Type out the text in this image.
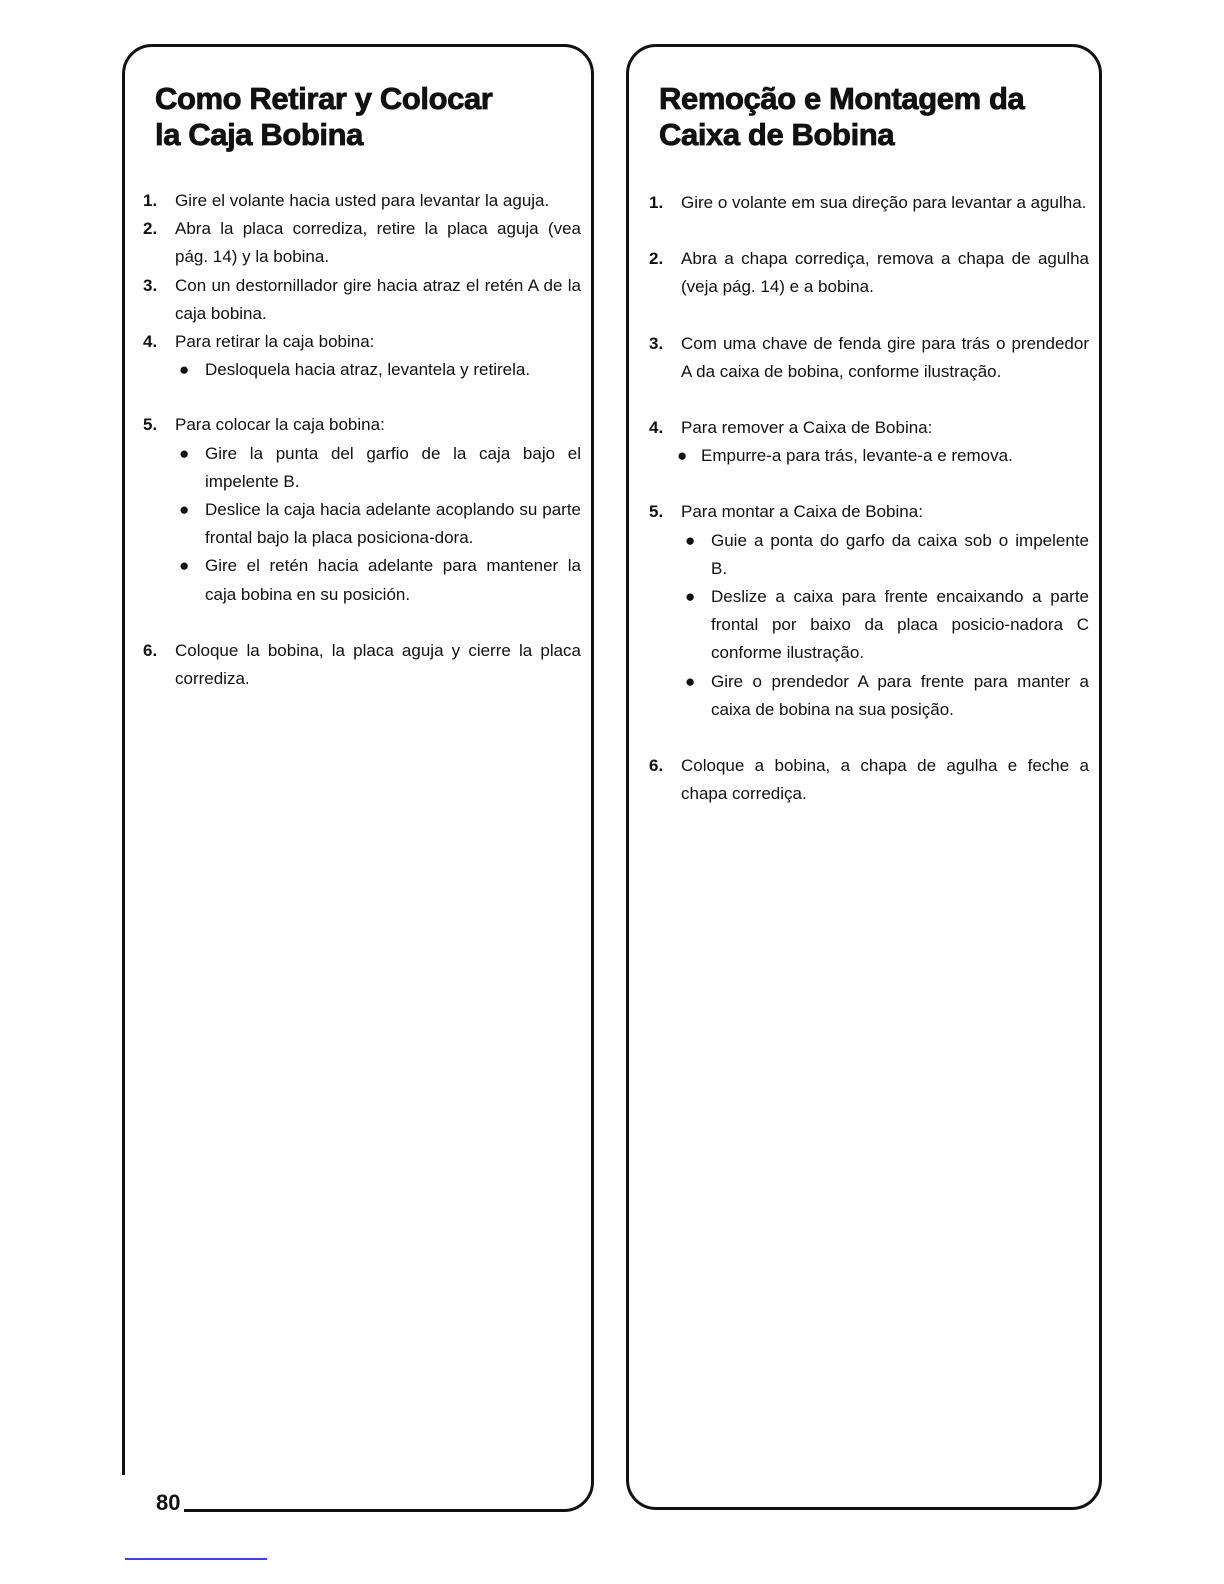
Como Retirar y Colocar
la Caja Bobina
1. Gire el volante hacia usted para levantar la aguja.
2. Abra la placa corrediza, retire la placa aguja (vea pág. 14) y la bobina.
3. Con un destornillador gire hacia atraz el retén A de la caja bobina.
4. Para retirar la caja bobina:
● Desloquela hacia atraz, levantela y retirela.
5. Para colocar la caja bobina:
● Gire la punta del garfio de la caja bajo el impelente B.
● Deslice la caja hacia adelante acoplando su parte frontal bajo la placa posiciona-dora.
● Gire el retén hacia adelante para mantener la caja bobina en su posición.
6. Coloque la bobina, la placa aguja y cierre la placa corrediza.
Remoção e Montagem da
Caixa de Bobina
1. Gire o volante em sua direção para levantar a agulha.
2. Abra a chapa corrediça, remova a chapa de agulha (veja pág. 14) e a bobina.
3. Com uma chave de fenda gire para trás o prendedor A da caixa de bobina, conforme ilustração.
4. Para remover a Caixa de Bobina:
● Empurre-a para trás, levante-a e remova.
5. Para montar a Caixa de Bobina:
● Guie a ponta do garfo da caixa sob o impelente B.
● Deslize a caixa para frente encaixando a parte frontal por baixo da placa posicio-nadora C conforme ilustração.
● Gire o prendedor A para frente para manter a caixa de bobina na sua posição.
6. Coloque a bobina, a chapa de agulha e feche a chapa corrediça.
80
